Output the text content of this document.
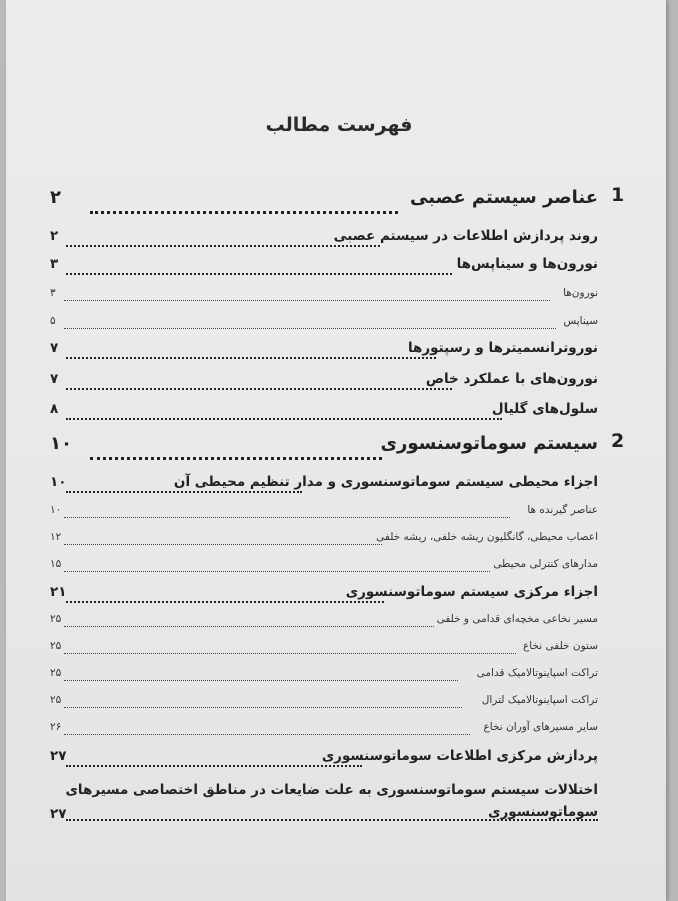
فهرست مطالب
1
عناصر سیستم عصبی
۲
روند پردازش اطلاعات در سیستم عصبی
۲
نورون‌ها و سیناپس‌ها
۳
نورون‌ها
۳
سیناپس
۵
نوروترانسمیترها و رسپتورها
۷
نورون‌های با عملکرد خاص
۷
سلول‌های گلیال
۸
2
سیستم سوماتوسنسوری
۱۰
اجزاء محیطی سیستم سوماتوسنسوری و مدار تنظیم محیطی آن
۱۰
عناصر گیرنده ها
۱۰
اعصاب محیطی، گانگلیون ریشه خلفی، ریشه خلفی
۱۲
مدارهای کنترلی محیطی
۱۵
اجزاء مرکزی سیستم سوماتوسنسوری
۲۱
مسیر نخاعی مخچه‌ای قدامی و خلفی
۲۵
ستون خلفی نخاع
۲۵
تراکت اسپاینوتالامیک قدامی
۲۵
تراکت اسپاینوتالامیک لترال
۲۵
سایر مسیرهای آوران نخاع
۲۶
پردازش مرکزی اطلاعات سوماتوسنسوری
۲۷
اختلالات سیستم سوماتوسنسوری به علت ضایعات در مناطق اختصاصی مسیرهای سوماتوسنسوری
۲۷
